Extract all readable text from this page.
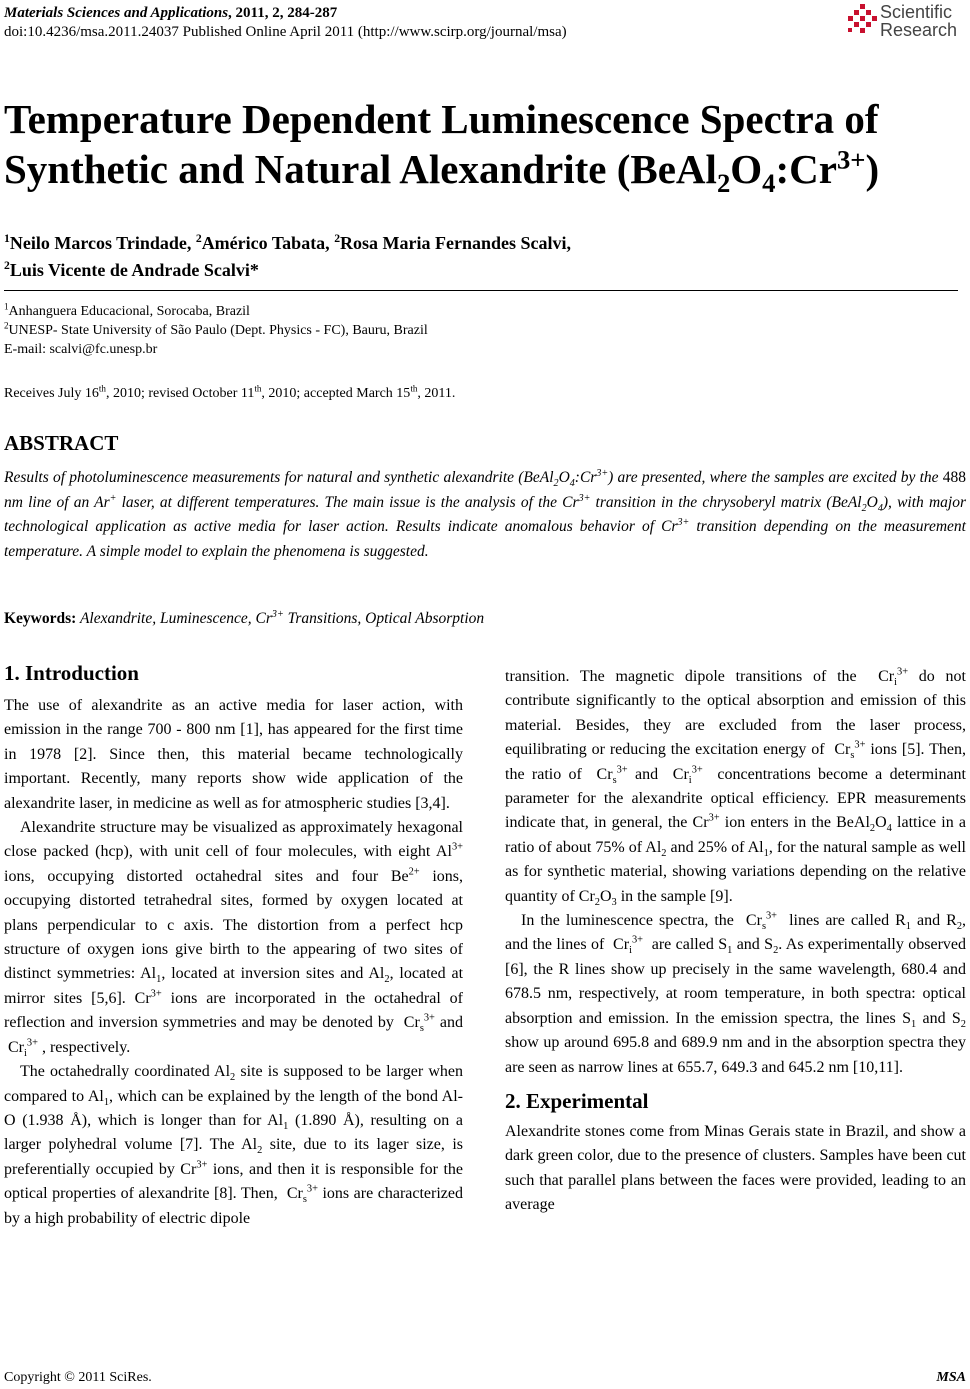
Materials Sciences and Applications, 2011, 2, 284-287
doi:10.4236/msa.2011.24037 Published Online April 2011 (http://www.scirp.org/journal/msa)
Scientific
Research
Temperature Dependent Luminescence Spectra of
Synthetic and Natural Alexandrite $(BeAl_2O_4:Cr^{3+})$
$^1$Neilo Marcos Trindade, $^2$Américo Tabata, $^2$Rosa Maria Fernandes Scalvi,
$^2$Luis Vicente de Andrade Scalvi*
$^1$Anhanguera Educacional, Sorocaba, Brazil
$^2$UNESP- State University of São Paulo (Dept. Physics - FC), Bauru, Brazil
E-mail: scalvi@fc.unesp.br
Receives July 16th, 2010; revised October 11th, 2010; accepted March 15th, 2011.
ABSTRACT
Results of photoluminescence measurements for natural and synthetic alexandrite $(BeAl_2O_4:Cr^{3+})$ are presented, where the samples are excited by the 488 nm line of an Ar+ laser, at different temperatures. The main issue is the analysis of the $Cr^{3+}$ transition in the chrysoberyl matrix $(BeAl_2O_4)$, with major technological application as active media for laser action. Results indicate anomalous behavior of $Cr^{3+}$ transition depending on the measurement temperature. A simple model to explain the phenomena is suggested.
Keywords: Alexandrite, Luminescence, $Cr^{3+}$ Transitions, Optical Absorption
1. Introduction

The use of alexandrite as an active media for laser action, with emission in the range 700 - 800 nm [1], has appeared for the first time in 1978 [2]. Since then, this material became technologically important. Recently, many reports show wide application of the alexandrite laser, in medicine as well as for atmospheric studies [3,4].

Alexandrite structure may be visualized as approximately hexagonal close packed (hcp), with unit cell of four molecules, with eight $Al^{3+}$ ions, occupying distorted octahedral sites and four $Be^{2+}$ ions, occupying distorted tetrahedral sites, formed by oxygen located at plans perpendicular to c axis. The distortion from a perfect hcp structure of oxygen ions give birth to the appearing of two sites of distinct symmetries: $Al_1$, located at inversion sites and $Al_2$, located at mirror sites [5,6]. $Cr^{3+}$ ions are incorporated in the octahedral of reflection and inversion symmetries and may be denoted by  $Cr_s^{3+}$ and  $Cr_i^{3+}$ , respectively.

The octahedrally coordinated $Al_2$ site is supposed to be larger when compared to $Al_1$, which can be explained by the length of the bond Al-O (1.938 Å), which is longer than for $Al_1$ (1.890 Å), resulting on a larger polyhedral volume [7]. The $Al_2$ site, due to its lager size, is preferentially occupied by $Cr^{3+}$ ions, and then it is responsible for the optical properties of alexandrite [8]. Then,  $Cr_s^{3+}$ ions are characterized by a high probability of electric dipole

transition. The magnetic dipole transitions of the  $Cr_i^{3+}$ do not contribute significantly to the optical absorption and emission of this material. Besides, they are excluded from the laser process, equilibrating or reducing the excitation energy of  $Cr_s^{3+}$ ions [5]. Then, the ratio of  $Cr_s^{3+}$ and  $Cr_i^{3+}$  concentrations become a determinant parameter for the alexandrite optical efficiency. EPR measurements indicate that, in general, the $Cr^{3+}$ ion enters in the $BeAl_2O_4$ lattice in a ratio of about 75% of $Al_2$ and 25% of $Al_1$, for the natural sample as well as for synthetic material, showing variations depending on the relative quantity of $Cr_2O_3$ in the sample [9].

In the luminescence spectra, the  $Cr_s^{3+}$  lines are called $R_1$ and $R_2$, and the lines of  $Cr_i^{3+}$  are called $S_1$ and $S_2$. As experimentally observed [6], the R lines show up precisely in the same wavelength, 680.4 and 678.5 nm, respectively, at room temperature, in both spectra: optical absorption and emission. In the emission spectra, the lines $S_1$ and $S_2$ show up around 695.8 and 689.9 nm and in the absorption spectra they are seen as narrow lines at 655.7, 649.3 and 645.2 nm [10,11].

2. Experimental

Alexandrite stones come from Minas Gerais state in Brazil, and show a dark green color, due to the presence of clusters. Samples have been cut such that parallel plans between the faces were provided, leading to an average

Copyright © 2011 SciRes.	MSA
